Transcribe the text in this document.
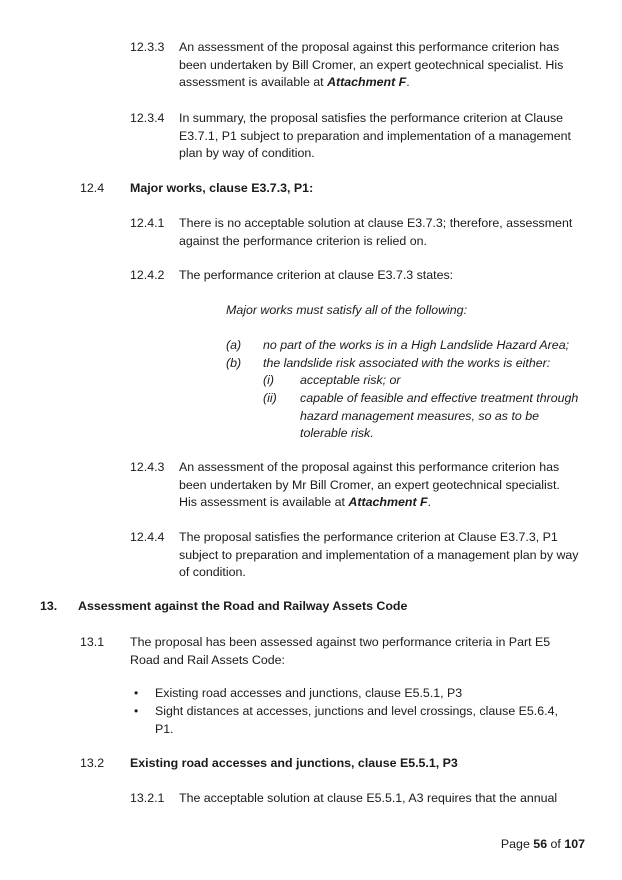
12.3.3 An assessment of the proposal against this performance criterion has been undertaken by Bill Cromer, an expert geotechnical specialist. His assessment is available at Attachment F.
12.3.4 In summary, the proposal satisfies the performance criterion at Clause E3.7.1, P1 subject to preparation and implementation of a management plan by way of condition.
12.4 Major works, clause E3.7.3, P1:
12.4.1 There is no acceptable solution at clause E3.7.3; therefore, assessment against the performance criterion is relied on.
12.4.2 The performance criterion at clause E3.7.3 states:
Major works must satisfy all of the following:
(a) no part of the works is in a High Landslide Hazard Area;
(b) the landslide risk associated with the works is either:
(i) acceptable risk; or
(ii) capable of feasible and effective treatment through hazard management measures, so as to be tolerable risk.
12.4.3 An assessment of the proposal against this performance criterion has been undertaken by Mr Bill Cromer, an expert geotechnical specialist. His assessment is available at Attachment F.
12.4.4 The proposal satisfies the performance criterion at Clause E3.7.3, P1 subject to preparation and implementation of a management plan by way of condition.
13. Assessment against the Road and Railway Assets Code
13.1 The proposal has been assessed against two performance criteria in Part E5 Road and Rail Assets Code:
• Existing road accesses and junctions, clause E5.5.1, P3
• Sight distances at accesses, junctions and level crossings, clause E5.6.4, P1.
13.2 Existing road accesses and junctions, clause E5.5.1, P3
13.2.1 The acceptable solution at clause E5.5.1, A3 requires that the annual
Page 56 of 107
